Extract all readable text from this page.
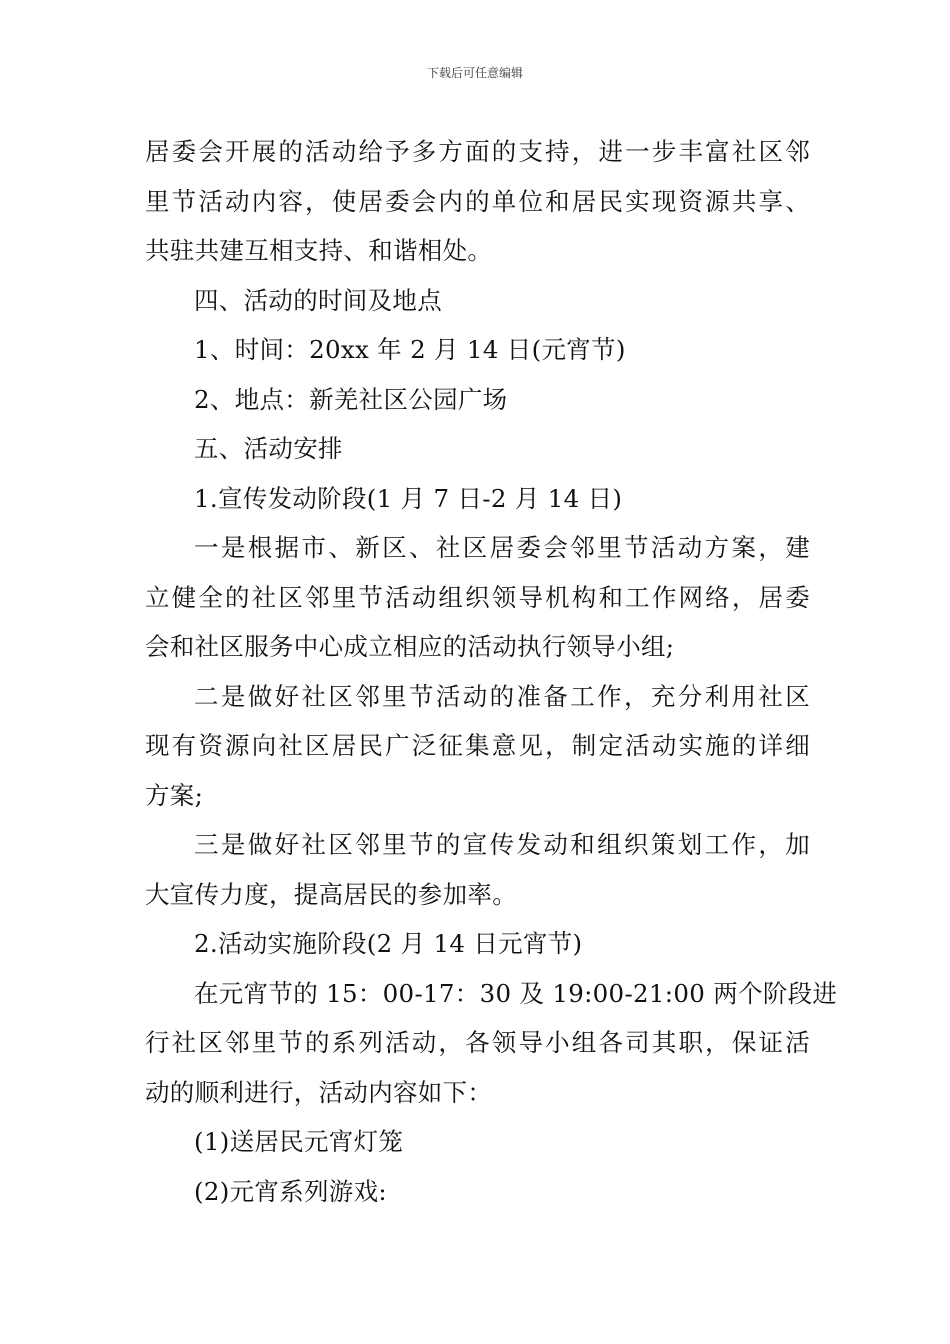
下载后可任意编辑
居委会开展的活动给予多方面的支持，进一步丰富社区邻
里节活动内容，使居委会内的单位和居民实现资源共享、
共驻共建互相支持、和谐相处。
四、活动的时间及地点
1、时间：20xx 年 2 月 14 日(元宵节)
2、地点：新羌社区公园广场
五、活动安排
1.宣传发动阶段(1 月 7 日-2 月 14 日)
一是根据市、新区、社区居委会邻里节活动方案，建
立健全的社区邻里节活动组织领导机构和工作网络，居委
会和社区服务中心成立相应的活动执行领导小组;
二是做好社区邻里节活动的准备工作，充分利用社区
现有资源向社区居民广泛征集意见，制定活动实施的详细
方案;
三是做好社区邻里节的宣传发动和组织策划工作，加
大宣传力度，提高居民的参加率。
2.活动实施阶段(2 月 14 日元宵节)
在元宵节的 15：00-17：30 及 19:00-21:00 两个阶段进
行社区邻里节的系列活动，各领导小组各司其职，保证活
动的顺利进行，活动内容如下：
(1)送居民元宵灯笼
(2)元宵系列游戏:
